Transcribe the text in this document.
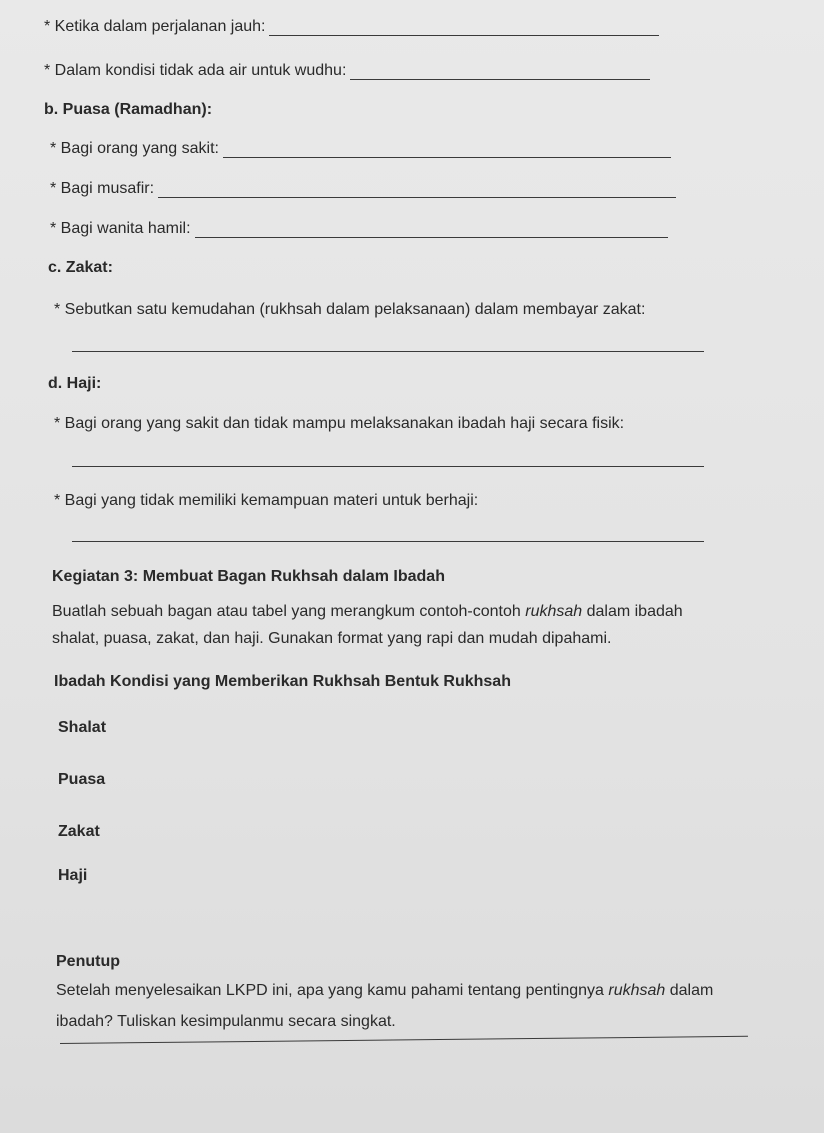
* Ketika dalam perjalanan jauh:
* Dalam kondisi tidak ada air untuk wudhu:
b. Puasa (Ramadhan):
* Bagi orang yang sakit:
* Bagi musafir:
* Bagi wanita hamil:
c. Zakat:
* Sebutkan satu kemudahan (rukhsah dalam pelaksanaan) dalam membayar zakat:
d. Haji:
* Bagi orang yang sakit dan tidak mampu melaksanakan ibadah haji secara fisik:
* Bagi yang tidak memiliki kemampuan materi untuk berhaji:
Kegiatan 3: Membuat Bagan Rukhsah dalam Ibadah
Buatlah sebuah bagan atau tabel yang merangkum contoh-contoh rukhsah dalam ibadah
shalat, puasa, zakat, dan haji. Gunakan format yang rapi dan mudah dipahami.
Ibadah Kondisi yang Memberikan Rukhsah Bentuk Rukhsah
Shalat
Puasa
Zakat
Haji
Penutup
Setelah menyelesaikan LKPD ini, apa yang kamu pahami tentang pentingnya rukhsah dalam
ibadah? Tuliskan kesimpulanmu secara singkat.
